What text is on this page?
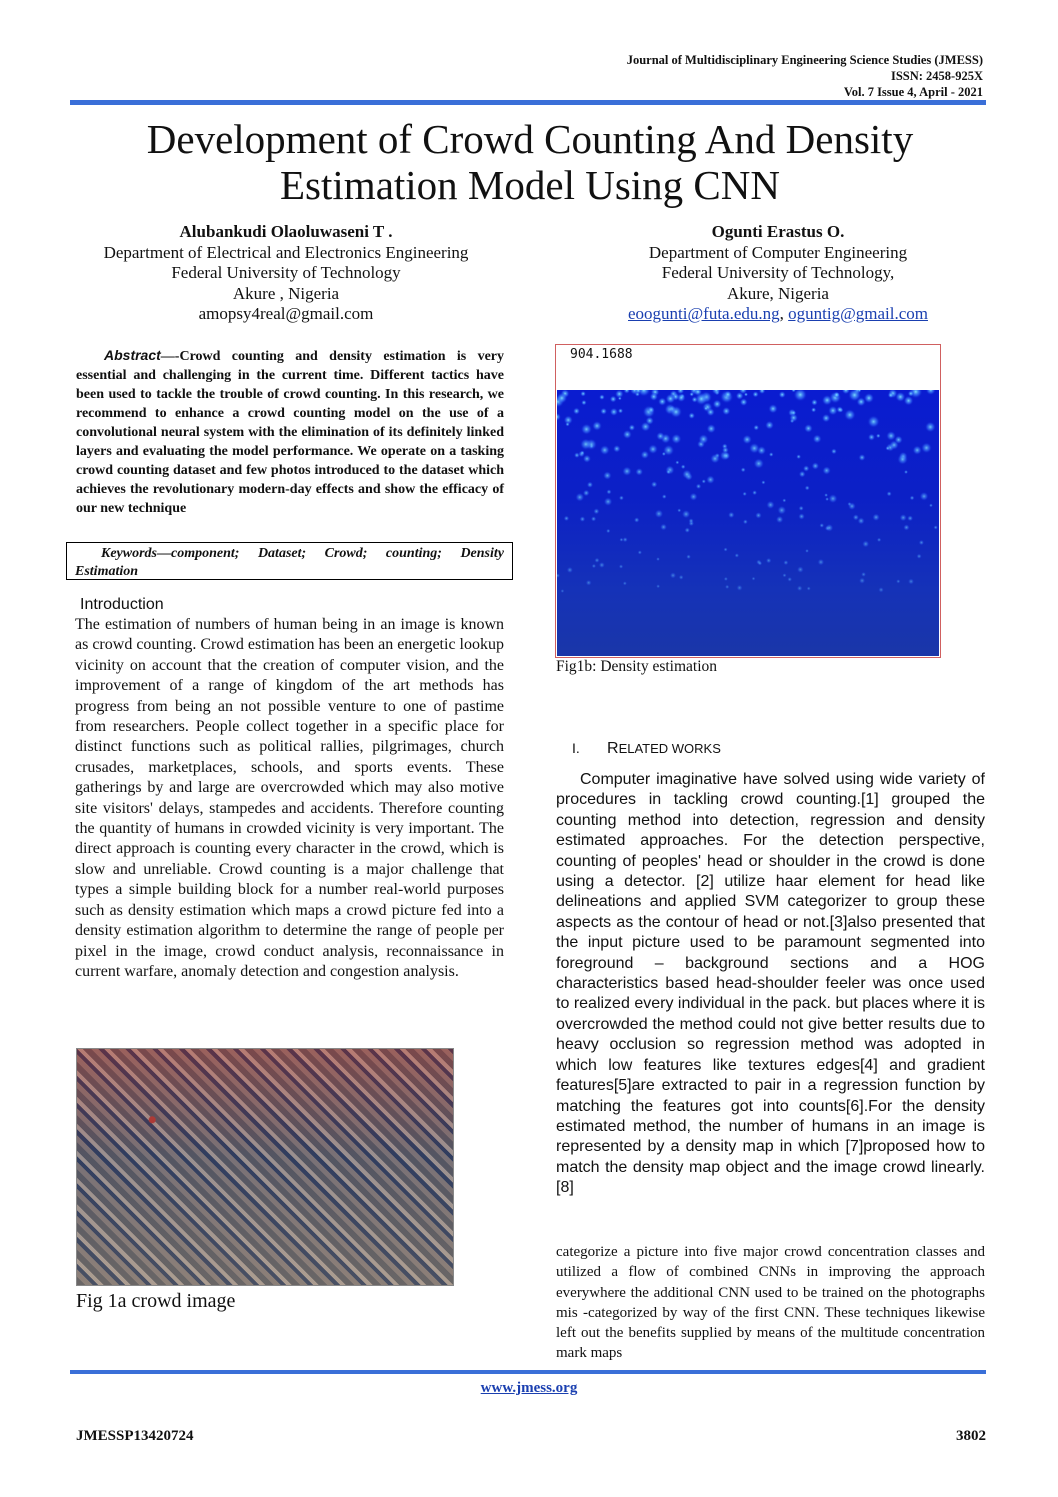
Journal of Multidisciplinary Engineering Science Studies (JMESS)
ISSN: 2458-925X
Vol. 7 Issue 4, April - 2021
Development of Crowd Counting And Density
Estimation Model Using CNN
Alubankudi Olaoluwaseni T .
Department of Electrical and Electronics Engineering
Federal University of Technology
Akure , Nigeria
amopsy4real@gmail.com
Ogunti Erastus O.
Department of Computer Engineering
Federal University of Technology,
Akure, Nigeria
eoogunti@futa.edu.ng, oguntig@gmail.com
Abstract—-Crowd counting and density estimation is very essential and challenging in the current time. Different tactics have been used to tackle the trouble of crowd counting. In this research, we recommend to enhance a crowd counting model on the use of a convolutional neural system with the elimination of its definitely linked layers and evaluating the model performance. We operate on a tasking crowd counting dataset and few photos introduced to the dataset which achieves the revolutionary modern-day effects and show the efficacy of our new technique
Keywords—component; Dataset; Crowd; counting; Density Estimation
Introduction
The estimation of numbers of human being in an image is known as crowd counting. Crowd estimation has been an energetic lookup vicinity on account that the creation of computer vision, and the improvement of a range of kingdom of the art methods has progress from being an not possible venture to one of pastime from researchers. People collect together in a specific place for distinct functions such as political rallies, pilgrimages, church crusades, marketplaces, schools, and sports events. These gatherings by and large are overcrowded which may also motive site visitors' delays, stampedes and accidents. Therefore counting the quantity of humans in crowded vicinity is very important. The direct approach is counting every character in the crowd, which is slow and unreliable. Crowd counting is a major challenge that types a simple building block for a number real-world purposes such as density estimation which maps a crowd picture fed into a density estimation algorithm to determine the range of people per pixel in the image, crowd conduct analysis, reconnaissance in current warfare, anomaly detection and congestion analysis.
Fig 1a crowd image
904.1688
Fig1b: Density estimation
I. RELATED WORKS
Computer imaginative have solved using wide variety of procedures in tackling crowd counting.[1] grouped the counting method into detection, regression and density estimated approaches. For the detection perspective, counting of peoples' head or shoulder in the crowd is done using a detector. [2] utilize haar element for head like delineations and applied SVM categorizer to group these aspects as the contour of head or not.[3]also presented that the input picture used to be paramount segmented into foreground – background sections and a HOG characteristics based head-shoulder feeler was once used to realized every individual in the pack. but places where it is overcrowded the method could not give better results due to heavy occlusion so regression method was adopted in which low features like textures edges[4] and gradient features[5]are extracted to pair in a regression function by matching the features got into counts[6].For the density estimated method, the number of humans in an image is represented by a density map in which [7]proposed how to match the density map object and the image crowd linearly.[8]
categorize a picture into five major crowd concentration classes and utilized a flow of combined CNNs in improving the approach everywhere the additional CNN used to be trained on the photographs mis -categorized by way of the first CNN. These techniques likewise left out the benefits supplied by means of the multitude concentration mark maps
www.jmess.org
JMESSP13420724	3802
